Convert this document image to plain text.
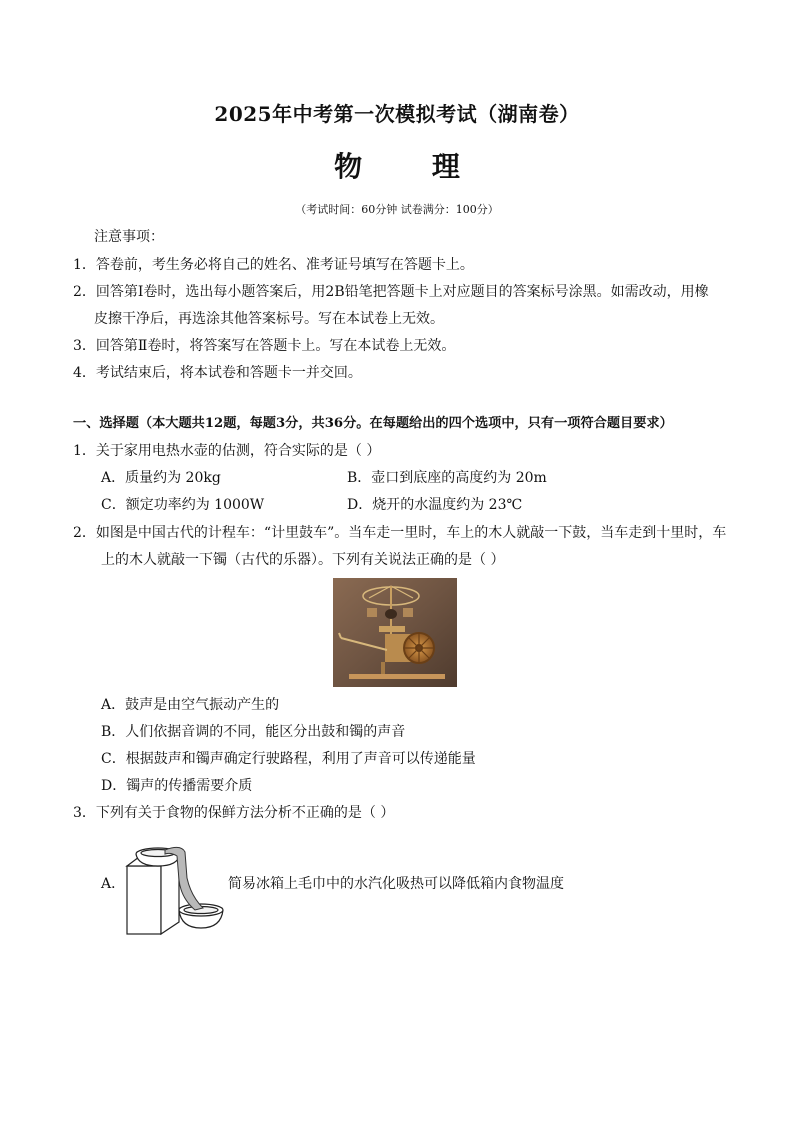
2025年中考第一次模拟考试（湖南卷）
物 理
（考试时间：60分钟 试卷满分：100分）
注意事项：
1．答卷前，考生务必将自己的姓名、准考证号填写在答题卡上。
2．回答第Ⅰ卷时，选出每小题答案后，用2B铅笔把答题卡上对应题目的答案标号涂黑。如需改动，用橡
皮擦干净后，再选涂其他答案标号。写在本试卷上无效。
3．回答第Ⅱ卷时，将答案写在答题卡上。写在本试卷上无效。
4．考试结束后，将本试卷和答题卡一并交回。
一、选择题（本大题共12题，每题3分，共36分。在每题给出的四个选项中，只有一项符合题目要求）
1．关于家用电热水壶的估测，符合实际的是（ ）
A．质量约为 20kg	B．壶口到底座的高度约为 20m
C．额定功率约为 1000W	D．烧开的水温度约为 23℃
2．如图是中国古代的计程车：“计里鼓车”。当车走一里时，车上的木人就敲一下鼓，当车走到十里时，车
上的木人就敲一下镯（古代的乐器）。下列有关说法正确的是（ ）
A．鼓声是由空气振动产生的
B．人们依据音调的不同，能区分出鼓和镯的声音
C．根据鼓声和镯声确定行驶路程，利用了声音可以传递能量
D．镯声的传播需要介质
3．下列有关于食物的保鲜方法分析不正确的是（ ）
A．	简易冰箱上毛巾中的水汽化吸热可以降低箱内食物温度
